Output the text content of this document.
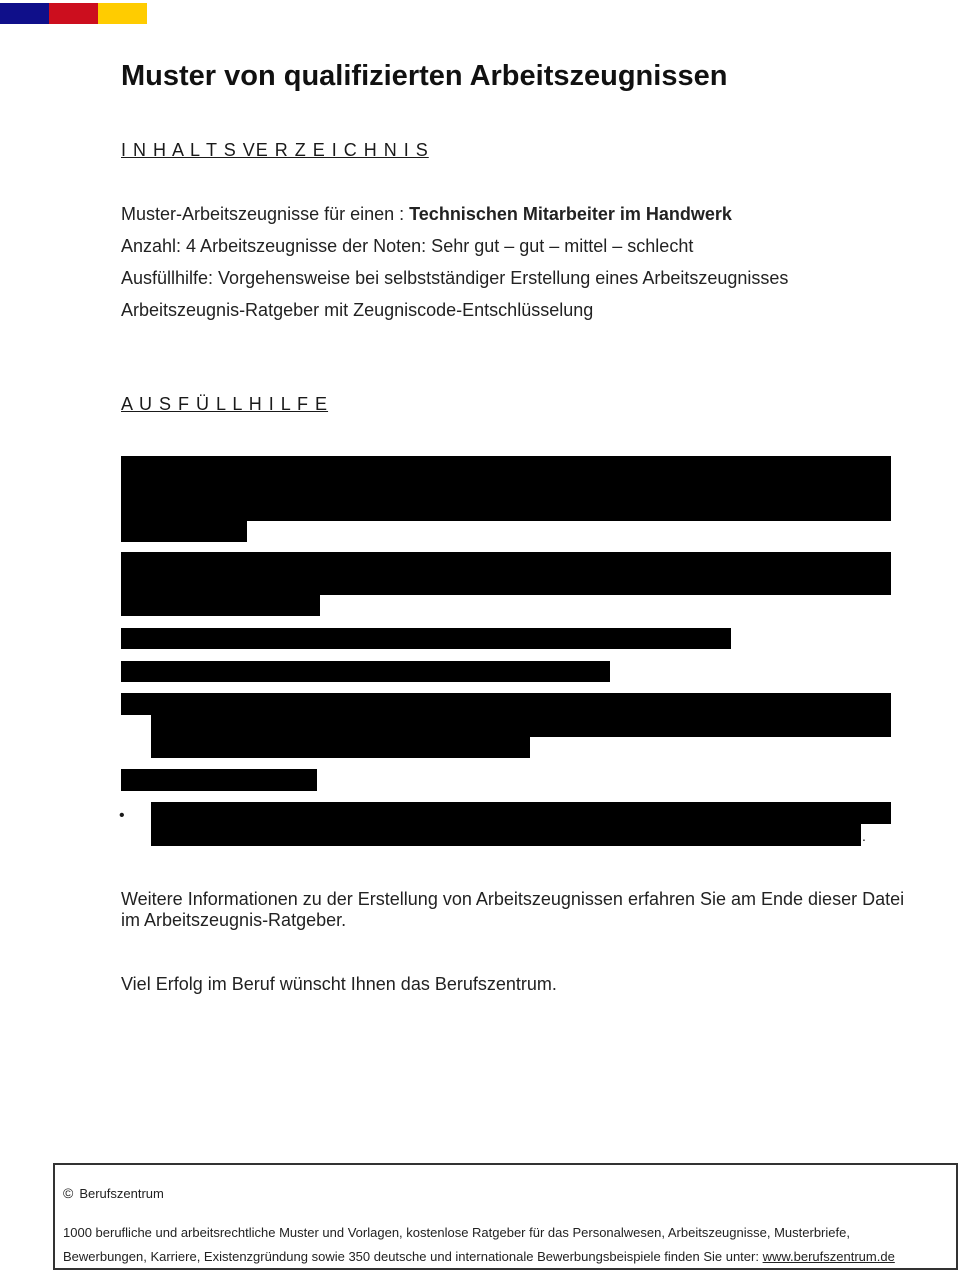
Muster von qualifizierten Arbeitszeugnissen
I N H A L T S VE R Z E I C H N I S
Muster-Arbeitszeugnisse für einen : Technischen Mitarbeiter im Handwerk
Anzahl: 4 Arbeitszeugnisse der Noten: Sehr gut – gut – mittel – schlecht
Ausfüllhilfe: Vorgehensweise bei selbstständiger Erstellung eines Arbeitszeugnisses
Arbeitszeugnis-Ratgeber mit Zeugniscode-Entschlüsselung
A U S F Ü L L H I L F E
•
.
Weitere Informationen zu der Erstellung von Arbeitszeugnissen erfahren Sie am Ende dieser Datei im Arbeitszeugnis-Ratgeber.
Viel Erfolg im Beruf wünscht Ihnen das Berufszentrum.
© Berufszentrum
1000 berufliche und arbeitsrechtliche Muster und Vorlagen, kostenlose Ratgeber für das Personalwesen, Arbeitszeugnisse, Musterbriefe,
Bewerbungen, Karriere, Existenzgründung sowie 350 deutsche und internationale Bewerbungsbeispiele finden Sie unter: www.berufszentrum.de
